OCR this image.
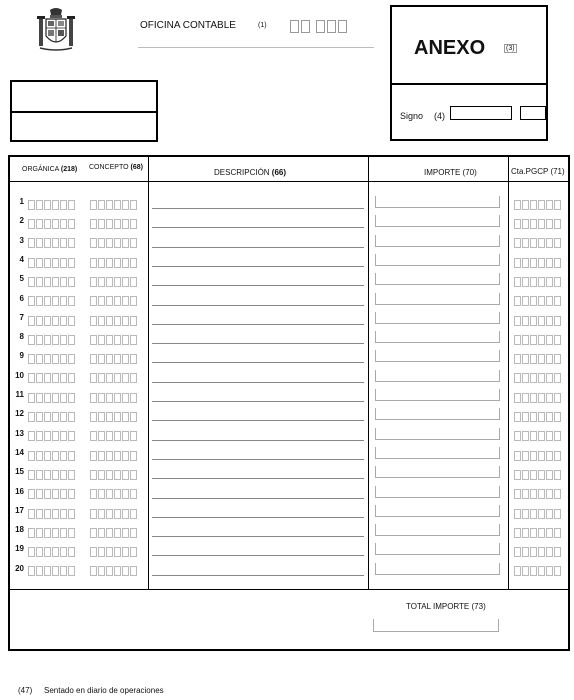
OFICINA CONTABLE	(1)
ANEXO	(3)
Signo (4)
ORGÁNICA (218) CONCEPTO (68)
DESCRIPCIÓN (66)	IMPORTE (70)	Cta.PGCP (71)
1
2
3
4
5
6
7
8
9
10
11
12
13
14
15
16
17
18
19
20
TOTAL IMPORTE (73)
(47) Sentado en diario de operaciones
